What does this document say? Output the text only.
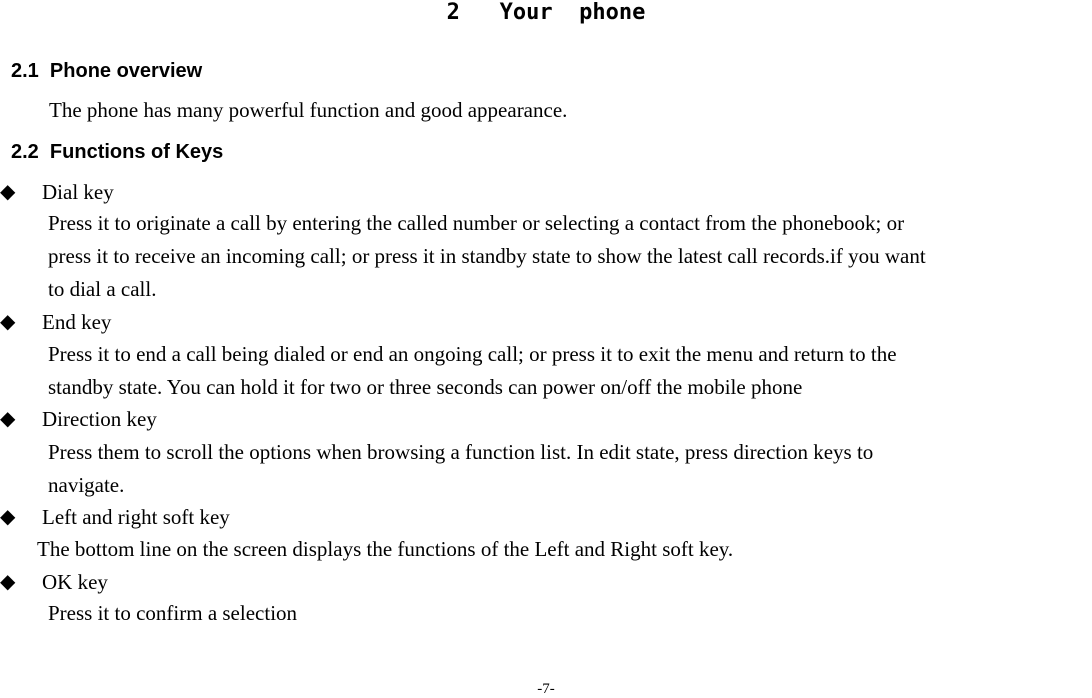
2   Your  phone
2.1  Phone overview
The phone has many powerful function and good appearance.
2.2  Functions of Keys
◆ Dial key
Press it to originate a call by entering the called number or selecting a contact from the phonebook; or
press it to receive an incoming call; or press it in standby state to show the latest call records.if you want
to dial a call.
◆ End key
Press it to end a call being dialed or end an ongoing call; or press it to exit the menu and return to the
standby state. You can hold it for two or three seconds can power on/off the mobile phone
◆ Direction key
Press them to scroll the options when browsing a function list. In edit state, press direction keys to
navigate.
◆ Left and right soft key
The bottom line on the screen displays the functions of the Left and Right soft key.
◆ OK key
Press it to confirm a selection
-7-
